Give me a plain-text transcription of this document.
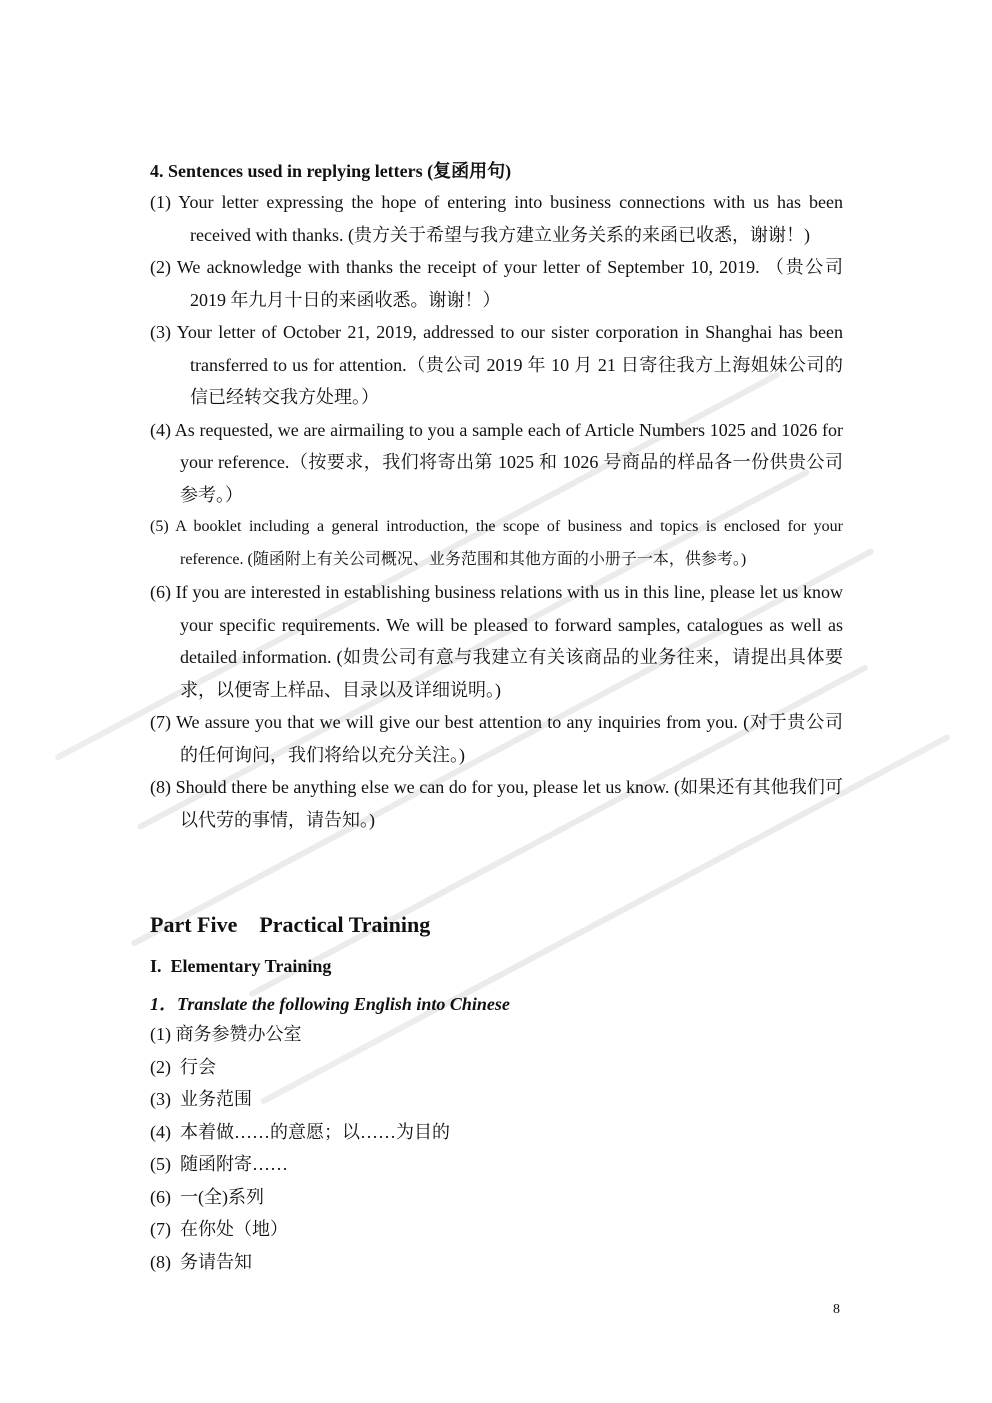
4. Sentences used in replying letters (复函用句)

(1) Your letter expressing the hope of entering into business connections with us has been received with thanks. (贵方关于希望与我方建立业务关系的来函已收悉，谢谢！)

(2) We acknowledge with thanks the receipt of your letter of September 10, 2019. （贵公司 2019 年九月十日的来函收悉。谢谢！）

(3) Your letter of October 21, 2019, addressed to our sister corporation in Shanghai has been transferred to us for attention.（贵公司 2019 年 10 月 21 日寄往我方上海姐妹公司的信已经转交我方处理。）

(4) As requested, we are airmailing to you a sample each of Article Numbers 1025 and 1026 for your reference.（按要求，我们将寄出第 1025 和 1026 号商品的样品各一份供贵公司参考。）

(5) A booklet including a general introduction, the scope of business and topics is enclosed for your reference. (随函附上有关公司概况、业务范围和其他方面的小册子一本，供参考。)

(6) If you are interested in establishing business relations with us in this line, please let us know your specific requirements. We will be pleased to forward samples, catalogues as well as detailed information. (如贵公司有意与我建立有关该商品的业务往来，请提出具体要求，以便寄上样品、目录以及详细说明。)

(7) We assure you that we will give our best attention to any inquiries from you. (对于贵公司的任何询问，我们将给以充分关注。)

(8) Should there be anything else we can do for you, please let us know. (如果还有其他我们可以代劳的事情，请告知。)

Part Five    Practical Training
I.  Elementary Training
1．Translate the following English into Chinese
(1) 商务参赞办公室
(2)  行会
(3)  业务范围
(4)  本着做……的意愿；以……为目的
(5)  随函附寄……
(6)  一(全)系列
(7)  在你处（地）
(8)  务请告知
8
